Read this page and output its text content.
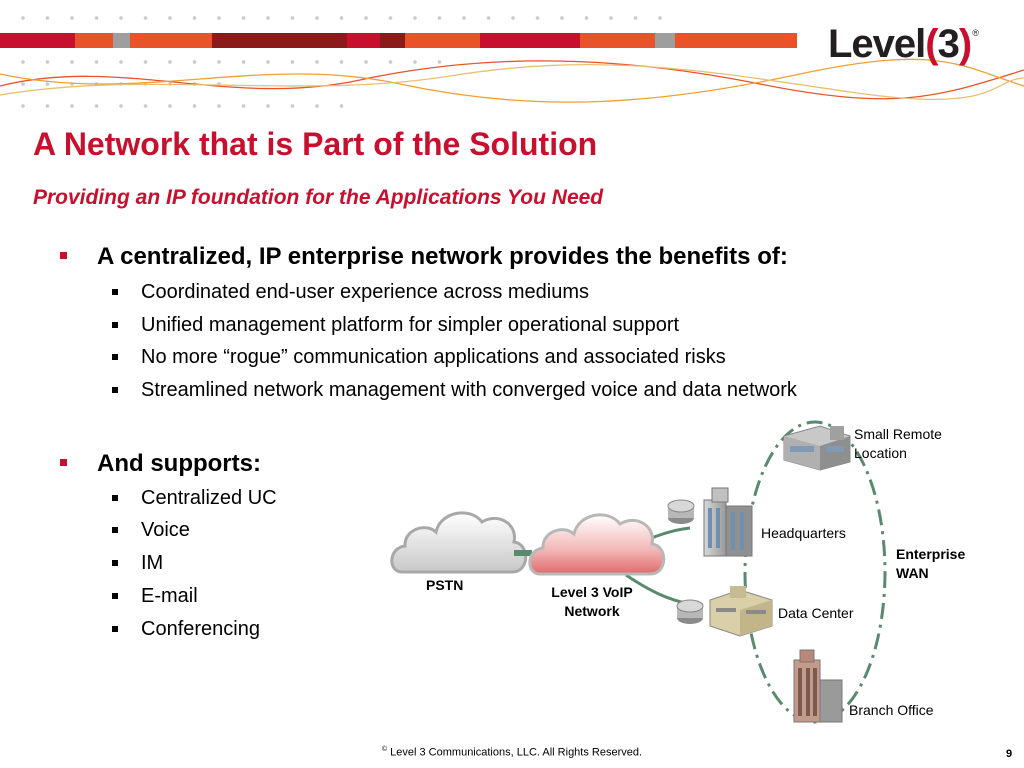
Level ( 3 ) ®
A Network that is Part of the Solution
Providing an IP foundation for the Applications You Need
A centralized, IP enterprise network provides the benefits of:
Coordinated end-user experience across mediums
Unified management platform for simpler operational support
No more “rogue” communication applications and associated risks
Streamlined network management with converged voice and data network
And supports:
Centralized UC
Voice
IM
E-mail
Conferencing
PSTN	Level 3 VoIP
Network
Small Remote
Location
Headquarters
Data Center
Branch Office
Enterprise
WAN
© Level 3 Communications, LLC. All Rights Reserved.	9
